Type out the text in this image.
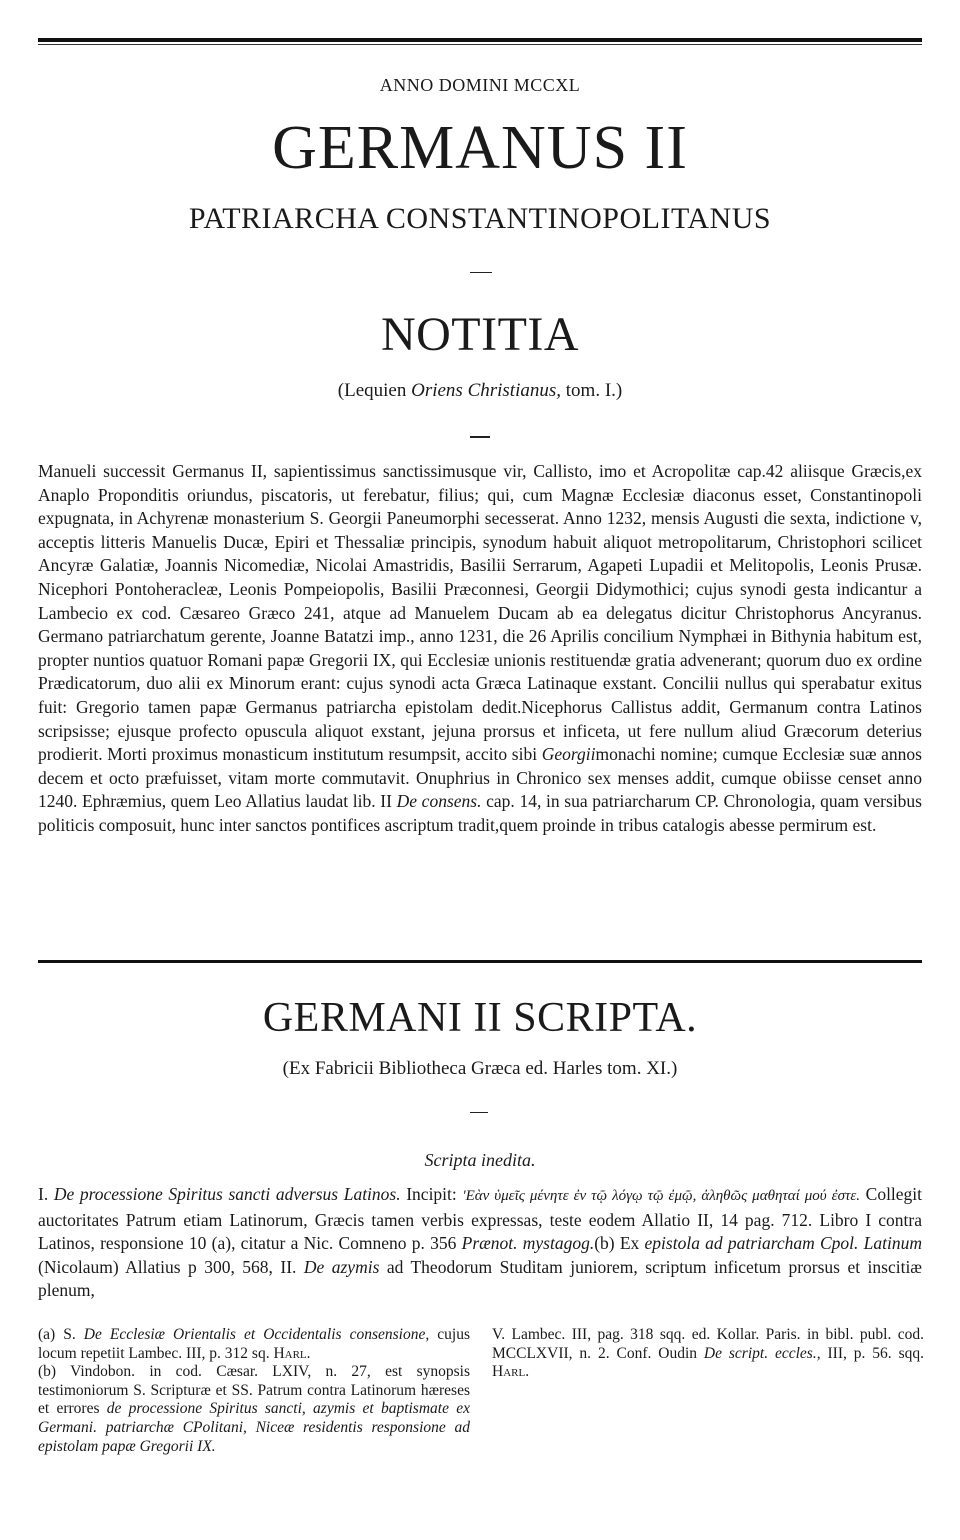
ANNO DOMINI MCCXL
GERMANUS II
PATRIARCHA CONSTANTINOPOLITANUS
NOTITIA
(Lequien Oriens Christianus, tom. I.)

Manueli successit Germanus II, sapientissimus sanctissimusque vir, Callisto, imo et Acropolitæ cap.42 aliisque Græcis,ex Anaplo Proponditis oriundus, piscatoris, ut ferebatur, filius; qui, cum Magnæ Ecclesiæ diaconus esset, Constantinopoli expugnata, in Achyrenæ monasterium S. Georgii Paneumorphi secesserat. Anno 1232, mensis Augusti die sexta, indictione v, acceptis litteris Manuelis Ducæ, Epiri et Thessaliæ principis, synodum habuit aliquot metropolitarum, Christophori scilicet Ancyræ Galatiæ, Joannis Nicomediæ, Nicolai Amastridis, Basilii Serrarum, Agapeti Lupadii et Melitopolis, Leonis Prusæ. Nicephori Pontoheracleæ, Leonis Pompeiopolis, Basilii Præconnesi, Georgii Didymothici; cujus synodi gesta indicantur a Lambecio ex cod. Cæsareo Græco 241, atque ad Manuelem Ducam ab ea delegatus dicitur Christophorus Ancyranus. Germano patriarchatum gerente, Joanne Batatzi imp., anno 1231, die 26 Aprilis concilium Nymphæi in Bithynia habitum est, propter nuntios quatuor Romani papæ Gregorii IX, qui Ecclesiæ unionis restituendæ gratia advenerant; quorum duo ex ordine Prædicatorum, duo alii ex Minorum erant: cujus synodi acta Græca Latinaque exstant. Concilii nullus qui sperabatur exitus fuit: Gregorio tamen papæ Germanus patriarcha epistolam dedit.Nicephorus Callistus addit, Germanum contra Latinos scripsisse; ejusque profecto opuscula aliquot exstant, jejuna prorsus et inficeta, ut fere nullum aliud Græcorum deterius prodierit. Morti proximus monasticum institutum resumpsit, accito sibi Georgiimonachi nomine; cumque Ecclesiæ suæ annos decem et octo præfuisset, vitam morte commutavit. Onuphrius in Chronico sex menses addit, cumque obiisse censet anno 1240. Ephræmius, quem Leo Allatius laudat lib. II De consens. cap. 14, in sua patriarcharum CP. Chronologia, quam versibus politicis composuit, hunc inter sanctos pontifices ascriptum tradit,quem proinde in tribus catalogis abesse permirum est.

GERMANI II SCRIPTA.
(Ex Fabricii Bibliotheca Græca ed. Harles tom. XI.)
Scripta inedita.

I. De processione Spiritus sancti adversus Latinos. Incipit: 'Εὰν ὑμεῖς μένητε ἐν τῷ λόγῳ τῷ ἐμῷ, ἀληθῶς μαθηταί μού ἐστε. Collegit auctoritates Patrum etiam Latinorum, Græcis tamen verbis expressas, teste eodem Allatio II, 14 pag. 712. Libro I contra Latinos, responsione 10 (a), citatur a Nic. Comneno p. 356 Prænot. mystagog.(b) Ex epistola ad patriarcham Cpol. Latinum (Nicolaum) Allatius p 300, 568, II. De azymis ad Theodorum Studitam juniorem, scriptum inficetum prorsus et inscitiæ plenum,

(a) S. De Ecclesiæ Orientalis et Occidentalis consensione, cujus locum repetiit Lambec. III, p. 312 sq. Harl.

(b) Vindobon. in cod. Cæsar. LXIV, n. 27, est synopsis testimoniorum S. Scripturæ et SS. Patrum contra Latinorum hæreses et errores de processione Spiritus sancti, azymis et baptismate ex Germani. patriarchæ CPolitani, Niceæ residentis responsione ad epistolam papæ Gregorii IX.

V. Lambec. III, pag. 318 sqq. ed. Kollar. Paris. in bibl. publ. cod. MCCLXVII, n. 2. Conf. Oudin De script. eccles., III, p. 56. sqq. Harl.
